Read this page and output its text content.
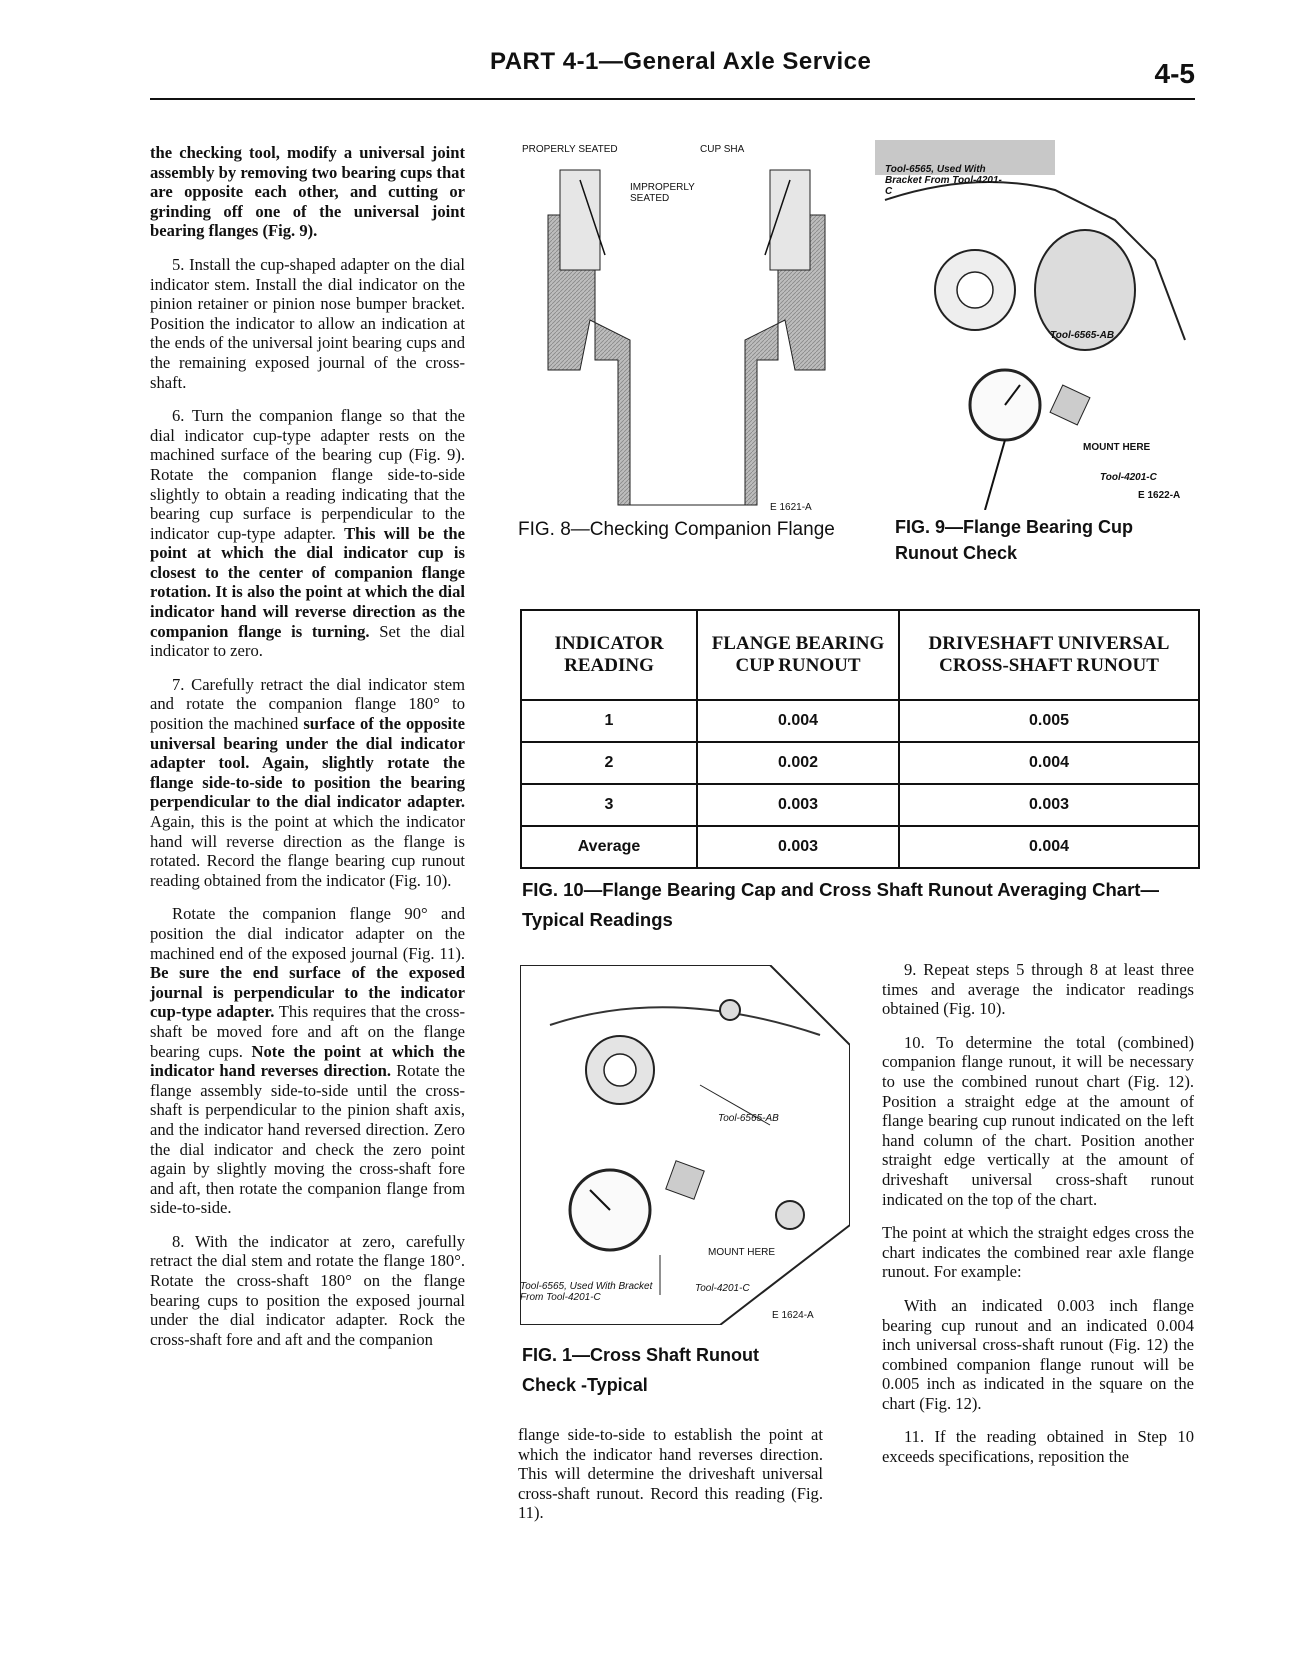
PART 4-1—General Axle Service	4-5

the checking tool, modify a universal joint assembly by removing two bearing cups that are opposite each other, and cutting or grinding off one of the universal joint bearing flanges (Fig. 9).

5. Install the cup-shaped adapter on the dial indicator stem. Install the dial indicator on the pinion retainer or pinion nose bumper bracket. Position the indicator to allow an indication at the ends of the universal joint bearing cups and the remaining exposed journal of the cross-shaft.

6. Turn the companion flange so that the dial indicator cup-type adapter rests on the machined surface of the bearing cup (Fig. 9). Rotate the companion flange side-to-side slightly to obtain a reading indicating that the bearing cup surface is perpendicular to the indicator cup-type adapter. This will be the point at which the dial indicator cup is closest to the center of companion flange rotation. It is also the point at which the dial indicator hand will reverse direction as the companion flange is turning. Set the dial indicator to zero.

7. Carefully retract the dial indicator stem and rotate the companion flange 180° to position the machined surface of the opposite universal bearing under the dial indicator adapter tool. Again, slightly rotate the flange side-to-side to position the bearing perpendicular to the dial indicator adapter. Again, this is the point at which the indicator hand will reverse direction as the flange is rotated. Record the flange bearing cup runout reading obtained from the indicator (Fig. 10).

Rotate the companion flange 90° and position the dial indicator adapter on the machined end of the exposed journal (Fig. 11). Be sure the end surface of the exposed journal is perpendicular to the indicator cup-type adapter. This requires that the cross-shaft be moved fore and aft on the flange bearing cups. Note the point at which the indicator hand reverses direction. Rotate the flange assembly side-to-side until the cross-shaft is perpendicular to the pinion shaft axis, and the indicator hand reversed direction. Zero the dial indicator and check the zero point again by slightly moving the cross-shaft fore and aft, then rotate the companion flange from side-to-side.

8. With the indicator at zero, carefully retract the dial stem and rotate the flange 180°. Rotate the cross-shaft 180° on the flange bearing cups to position the exposed journal under the dial indicator adapter. Rock the cross-shaft fore and aft and the companion

PROPERLY SEATED	CUP SHA
IMPROPERLY SEATED
E 1621-A
FIG. 8—Checking Companion Flange
Tool-6565, Used With Bracket From Tool-4201-C
Tool-6565-AB
MOUNT HERE
Tool-4201-C
E 1622-A
FIG. 9—Flange Bearing Cup
Runout Check
INDICATOR READING	FLANGE BEARING CUP RUNOUT	DRIVESHAFT UNIVERSAL CROSS-SHAFT RUNOUT
1	0.004	0.005
2	0.002	0.004
3	0.003	0.003
Average	0.003	0.004
FIG. 10—Flange Bearing Cap and Cross Shaft Runout Averaging Chart—
Typical Readings
Tool-6565-AB
MOUNT HERE
Tool-6565, Used With Bracket From Tool-4201-C
Tool-4201-C
E 1624-A
FIG. 1—Cross Shaft Runout
Check -Typical

flange side-to-side to establish the point at which the indicator hand reverses direction. This will determine the driveshaft universal cross-shaft runout. Record this reading (Fig. 11).

9. Repeat steps 5 through 8 at least three times and average the indicator readings obtained (Fig. 10).

10. To determine the total (combined) companion flange runout, it will be necessary to use the combined runout chart (Fig. 12). Position a straight edge at the amount of flange bearing cup runout indicated on the left hand column of the chart. Position another straight edge vertically at the amount of driveshaft universal cross-shaft runout indicated on the top of the chart.

The point at which the straight edges cross the chart indicates the combined rear axle flange runout. For example:

With an indicated 0.003 inch flange bearing cup runout and an indicated 0.004 inch universal cross-shaft runout (Fig. 12) the combined companion flange runout will be 0.005 inch as indicated in the square on the chart (Fig. 12).

11. If the reading obtained in Step 10 exceeds specifications, reposition the
